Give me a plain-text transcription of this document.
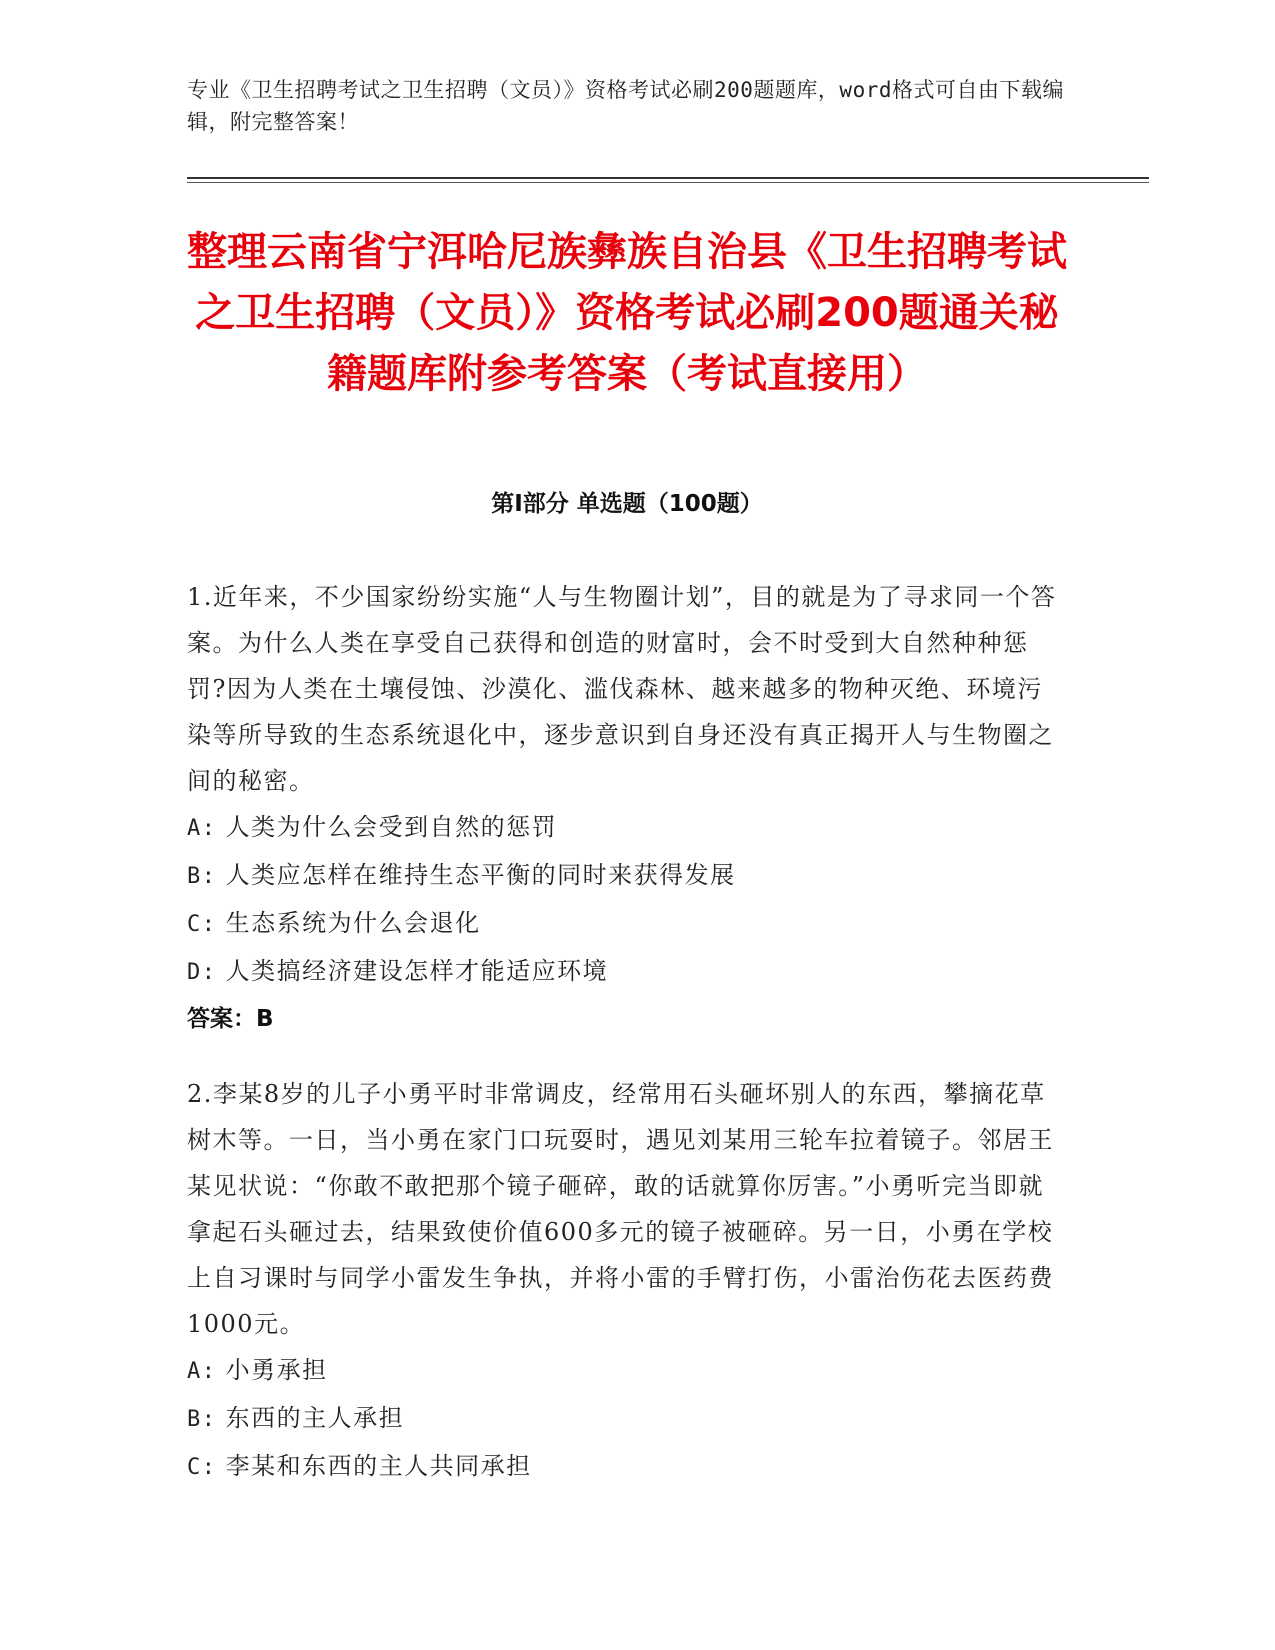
专业《卫生招聘考试之卫生招聘（文员）》资格考试必刷200题题库，word格式可自由下载编辑，附完整答案！
整理云南省宁洱哈尼族彝族自治县《卫生招聘考试之卫生招聘（文员）》资格考试必刷200题通关秘籍题库附参考答案（考试直接用）
第Ⅰ部分 单选题（100题）

1.近年来，不少国家纷纷实施“人与生物圈计划”，目的就是为了寻求同一个答案。为什么人类在享受自己获得和创造的财富时，会不时受到大自然种种惩罚?因为人类在土壤侵蚀、沙漠化、滥伐森林、越来越多的物种灭绝、环境污染等所导致的生态系统退化中，逐步意识到自身还没有真正揭开人与生物圈之间的秘密。

A: 人类为什么会受到自然的惩罚

B: 人类应怎样在维持生态平衡的同时来获得发展

C: 生态系统为什么会退化

D: 人类搞经济建设怎样才能适应环境

答案：B

2.李某8岁的儿子小勇平时非常调皮，经常用石头砸坏别人的东西，攀摘花草树木等。一日，当小勇在家门口玩耍时，遇见刘某用三轮车拉着镜子。邻居王某见状说：“你敢不敢把那个镜子砸碎，敢的话就算你厉害。”小勇听完当即就拿起石头砸过去，结果致使价值600多元的镜子被砸碎。另一日，小勇在学校上自习课时与同学小雷发生争执，并将小雷的手臂打伤，小雷治伤花去医药费1000元。

A: 小勇承担

B: 东西的主人承担

C: 李某和东西的主人共同承担
